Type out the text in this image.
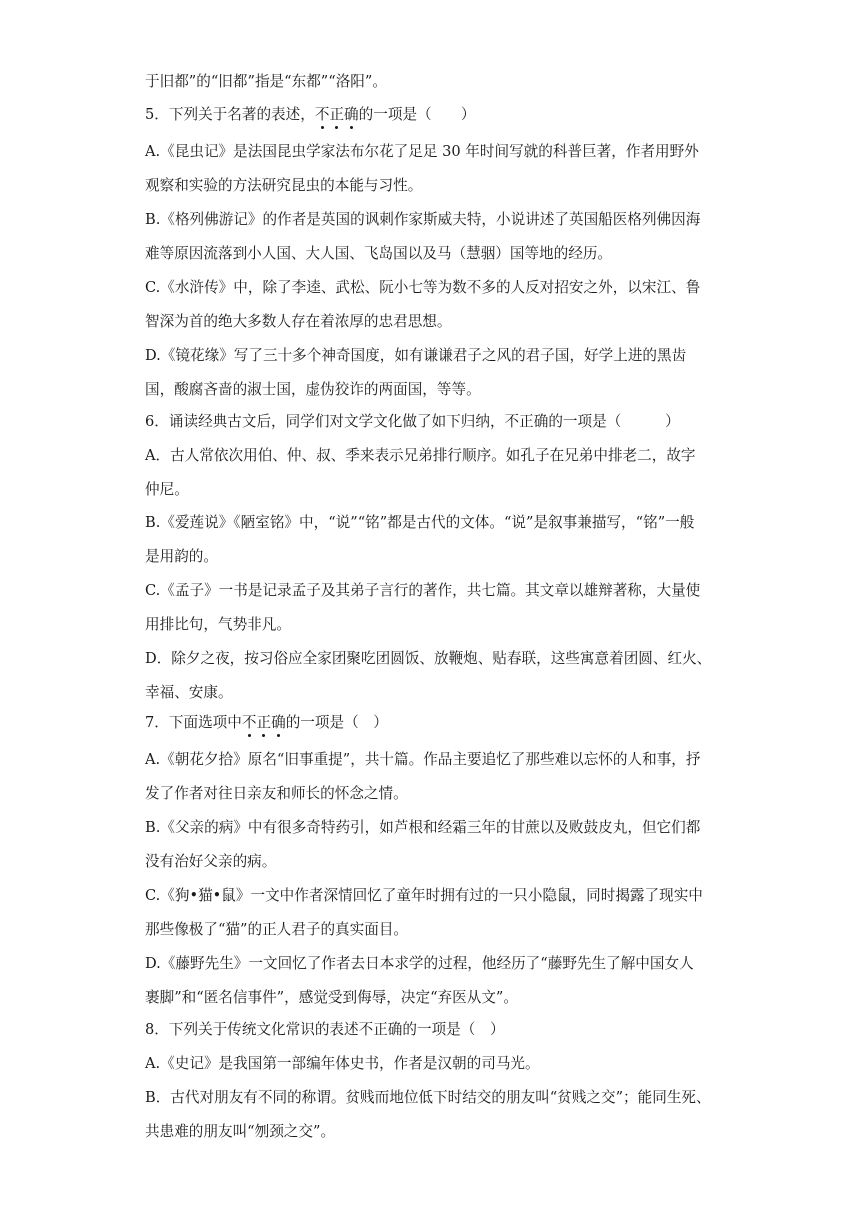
于旧都”的“旧都”指是“东都”“洛阳”。
5．下列关于名著的表述，不正确的一项是（　　）
A.《昆虫记》是法国昆虫学家法布尔花了足足 30 年时间写就的科普巨著，作者用野外
观察和实验的方法研究昆虫的本能与习性。
B.《格列佛游记》的作者是英国的讽刺作家斯威夫特，小说讲述了英国船医格列佛因海
难等原因流落到小人国、大人国、飞岛国以及马（慧骃）国等地的经历。
C.《水浒传》中，除了李逵、武松、阮小七等为数不多的人反对招安之外，以宋江、鲁
智深为首的绝大多数人存在着浓厚的忠君思想。
D.《镜花缘》写了三十多个神奇国度，如有谦谦君子之风的君子国，好学上进的黑齿
国，酸腐吝啬的淑士国，虚伪狡诈的两面国，等等。
6．诵读经典古文后，同学们对文学文化做了如下归纳，不正确的一项是（　　　）
A．古人常依次用伯、仲、叔、季来表示兄弟排行顺序。如孔子在兄弟中排老二，故字
仲尼。
B.《爱莲说》《陋室铭》中，“说”“铭”都是古代的文体。“说”是叙事兼描写，“铭”一般
是用韵的。
C.《孟子》一书是记录孟子及其弟子言行的著作，共七篇。其文章以雄辩著称，大量使
用排比句，气势非凡。
D．除夕之夜，按习俗应全家团聚吃团圆饭、放鞭炮、贴春联，这些寓意着团圆、红火、
幸福、安康。
7．下面选项中不正确的一项是（　）
A.《朝花夕拾》原名“旧事重提”，共十篇。作品主要追忆了那些难以忘怀的人和事，抒
发了作者对往日亲友和师长的怀念之情。
B.《父亲的病》中有很多奇特药引，如芦根和经霜三年的甘蔗以及败鼓皮丸，但它们都
没有治好父亲的病。
C.《狗•猫•鼠》一文中作者深情回忆了童年时拥有过的一只小隐鼠，同时揭露了现实中
那些像极了“猫”的正人君子的真实面目。
D.《藤野先生》一文回忆了作者去日本求学的过程，他经历了“藤野先生了解中国女人
裹脚”和“匿名信事件”，感觉受到侮辱，决定“弃医从文”。
8．下列关于传统文化常识的表述不正确的一项是（　）
A.《史记》是我国第一部编年体史书，作者是汉朝的司马光。
B．古代对朋友有不同的称谓。贫贱而地位低下时结交的朋友叫“贫贱之交”；能同生死、
共患难的朋友叫“刎颈之交”。
